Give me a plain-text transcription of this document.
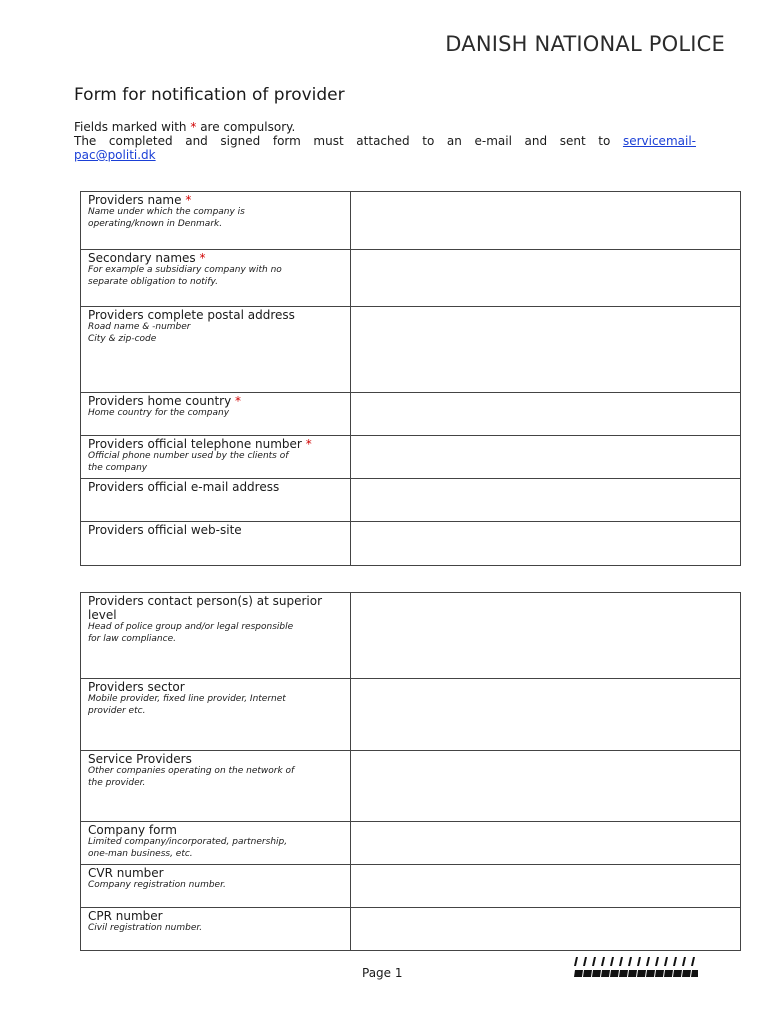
DANISH NATIONAL POLICE
Form for notification of provider

Fields marked with * are compulsory.

The completed and signed form must attached to an e-mail and sent to servicemail-

pac@politi.dk

Providers name *
Name under which the company is
operating/known in Denmark.	

Secondary names *
For example a subsidiary company with no
separate obligation to notify.	

Providers complete postal address
Road name & -number
City & zip-code	

Providers home country *
Home country for the company	

Providers official telephone number *
Official phone number used by the clients of
the company	

Providers official e-mail address	

Providers official web-site	

Providers contact person(s) at superior level
Head of police group and/or legal responsible
for law compliance.	

Providers sector
Mobile provider, fixed line provider, Internet
provider etc.	

Service Providers
Other companies operating on the network of
the provider.	

Company form
Limited company/incorporated, partnership,
one-man business, etc.	

CVR number
Company registration number.	

CPR number
Civil registration number.	

Page 1
